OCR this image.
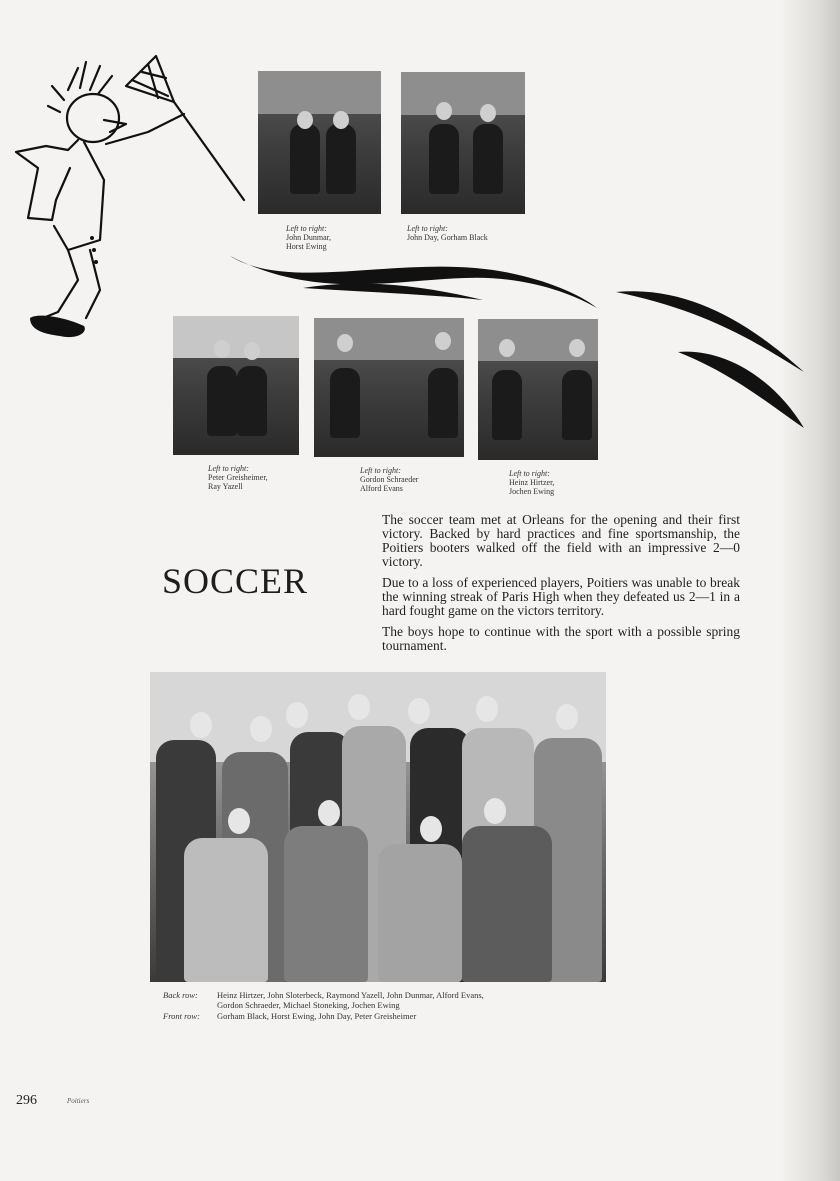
Left to right:
John Dunmar,
Horst Ewing
Left to right:
John Day, Gorham Black
Left to right:
Peter Greisheimer,
Ray Yazell
Left to right:
Gordon Schraeder
Alford Evans
Left to right:
Heinz Hirtzer,
Jochen Ewing
SOCCER
The soccer team met at Orleans for the opening and their first victory. Backed by hard practices and fine sportsmanship, the Poitiers booters walked off the field with an impressive 2—0 victory.
Due to a loss of experienced players, Poitiers was unable to break the winning streak of Paris High when they defeated us 2—1 in a hard fought game on the victors territory.
The boys hope to continue with the sport with a possible spring tournament.
Back row: Heinz Hirtzer, John Sloterbeck, Raymond Yazell, John Dunmar, Alford Evans,
Gordon Schraeder, Michael Stoneking, Jochen Ewing
Front row: Gorham Black, Horst Ewing, John Day, Peter Greisheimer
296	Poitiers
